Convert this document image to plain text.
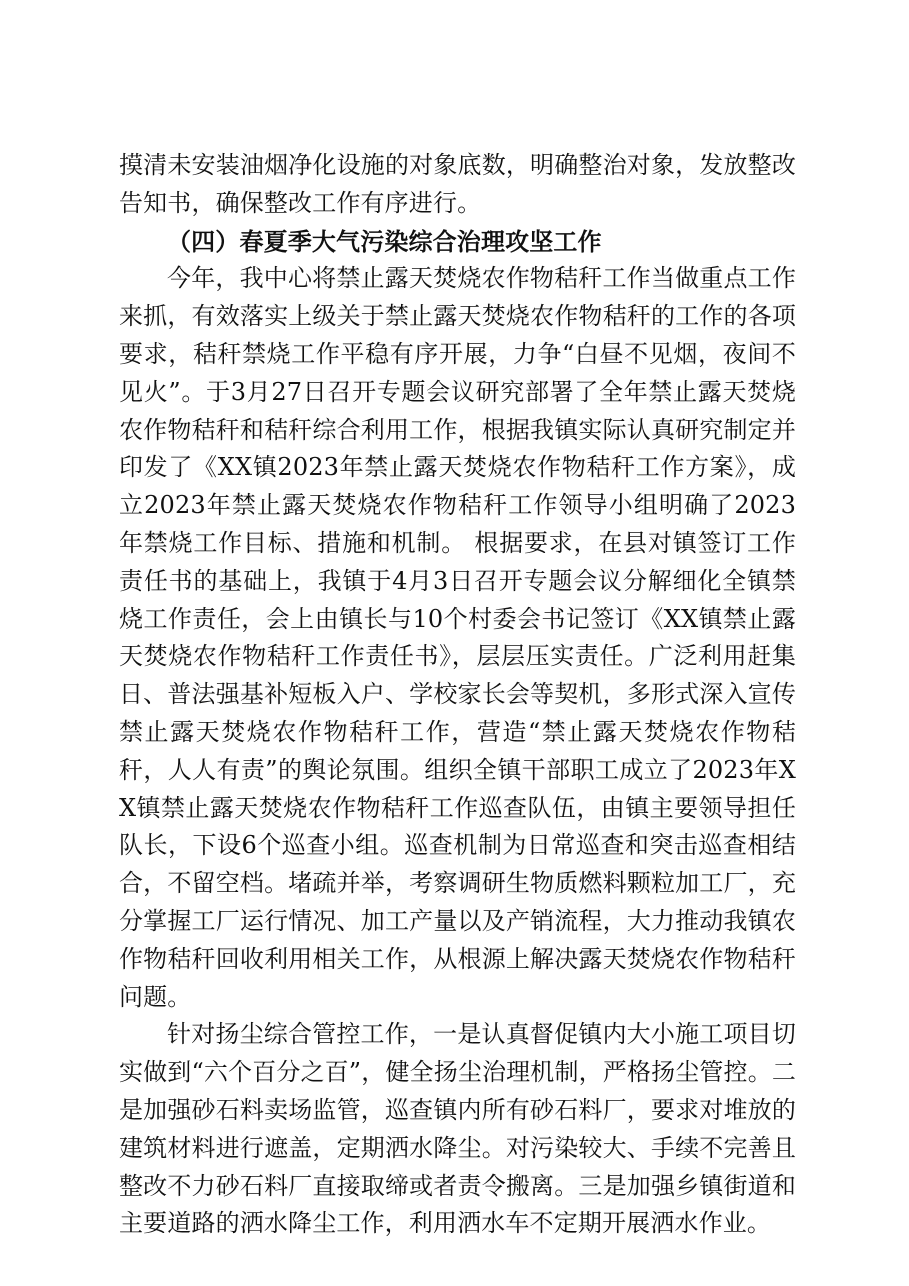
摸清未安装油烟净化设施的对象底数，明确整治对象，发放整改告知书，确保整改工作有序进行。

（四）春夏季大气污染综合治理攻坚工作

今年，我中心将禁止露天焚烧农作物秸秆工作当做重点工作来抓，有效落实上级关于禁止露天焚烧农作物秸秆的工作的各项要求，秸秆禁烧工作平稳有序开展，力争“白昼不见烟，夜间不见火”。于3月27日召开专题会议研究部署了全年禁止露天焚烧农作物秸秆和秸秆综合利用工作，根据我镇实际认真研究制定并印发了《XX镇2023年禁止露天焚烧农作物秸秆工作方案》，成立2023年禁止露天焚烧农作物秸秆工作领导小组明确了2023年禁烧工作目标、措施和机制。 根据要求，在县对镇签订工作责任书的基础上，我镇于4月3日召开专题会议分解细化全镇禁烧工作责任，会上由镇长与10个村委会书记签订《XX镇禁止露天焚烧农作物秸秆工作责任书》，层层压实责任。广泛利用赶集日、普法强基补短板入户、学校家长会等契机，多形式深入宣传禁止露天焚烧农作物秸秆工作，营造“禁止露天焚烧农作物秸秆，人人有责”的舆论氛围。组织全镇干部职工成立了2023年XX镇禁止露天焚烧农作物秸秆工作巡查队伍，由镇主要领导担任队长，下设6个巡查小组。巡查机制为日常巡查和突击巡查相结合，不留空档。堵疏并举，考察调研生物质燃料颗粒加工厂，充分掌握工厂运行情况、加工产量以及产销流程，大力推动我镇农作物秸秆回收利用相关工作，从根源上解决露天焚烧农作物秸秆问题。

针对扬尘综合管控工作，一是认真督促镇内大小施工项目切实做到“六个百分之百”，健全扬尘治理机制，严格扬尘管控。二是加强砂石料卖场监管，巡查镇内所有砂石料厂，要求对堆放的建筑材料进行遮盖，定期洒水降尘。对污染较大、手续不完善且整改不力砂石料厂直接取缔或者责令搬离。三是加强乡镇街道和主要道路的洒水降尘工作，利用洒水车不定期开展洒水作业。
